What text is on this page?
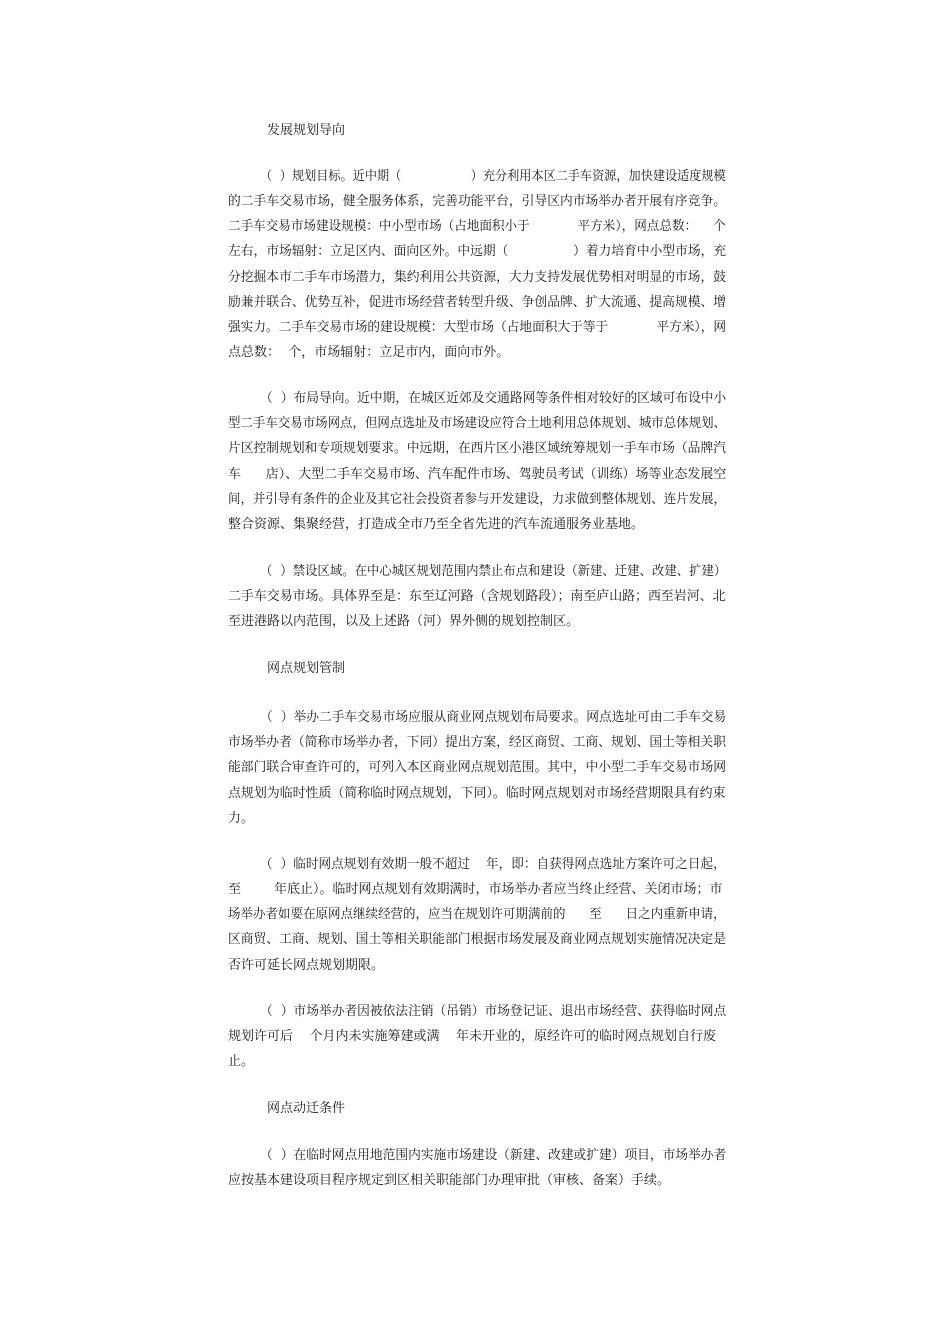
发展规划导向
（  ）规划目标。近中期（                  ）充分利用本区二手车资源，加快建设适度规模
的二手车交易市场，健全服务体系，完善功能平台，引导区内市场举办者开展有序竞争。
二手车交易市场建设规模：中小型市场（占地面积小于            平方米），网点总数：    个
左右，市场辐射：立足区内、面向区外。中远期（                ）着力培育中小型市场，充
分挖掘本市二手车市场潜力，集约利用公共资源，大力支持发展优势相对明显的市场，鼓
励兼并联合、优势互补，促进市场经营者转型升级、争创品牌、扩大流通、提高规模、增
强实力。二手车交易市场的建设规模：大型市场（占地面积大于等于            平方米），网
点总数：  个，市场辐射：立足市内，面向市外。
（  ）布局导向。近中期，在城区近郊及交通路网等条件相对较好的区域可布设中小
型二手车交易市场网点，但网点选址及市场建设应符合土地利用总体规划、城市总体规划、
片区控制规划和专项规划要求。中远期，在西片区小港区域统筹规划一手车市场（品牌汽
车      店）、大型二手车交易市场、汽车配件市场、驾驶员考试（训练）场等业态发展空
间，并引导有条件的企业及其它社会投资者参与开发建设，力求做到整体规划、连片发展，
整合资源、集聚经营，打造成全市乃至全省先进的汽车流通服务业基地。
（  ）禁设区域。在中心城区规划范围内禁止布点和建设（新建、迁建、改建、扩建）
二手车交易市场。具体界至是：东至辽河路（含规划路段）；南至庐山路；西至岩河、北
至进港路以内范围，以及上述路（河）界外侧的规划控制区。
网点规划管制
（  ）举办二手车交易市场应服从商业网点规划布局要求。网点选址可由二手车交易
市场举办者（简称市场举办者，下同）提出方案，经区商贸、工商、规划、国土等相关职
能部门联合审查许可的，可列入本区商业网点规划范围。其中，中小型二手车交易市场网
点规划为临时性质（简称临时网点规划，下同）。临时网点规划对市场经营期限具有约束
力。
（  ）临时网点规划有效期一般不超过    年，即：自获得网点选址方案许可之日起，
至        年底止）。临时网点规划有效期满时，市场举办者应当终止经营、关闭市场；市
场举办者如要在原网点继续经营的，应当在规划许可期满前的      至      日之内重新申请，
区商贸、工商、规划、国土等相关职能部门根据市场发展及商业网点规划实施情况决定是
否许可延长网点规划期限。
（  ）市场举办者因被依法注销（吊销）市场登记证、退出市场经营、获得临时网点
规划许可后    个月内未实施筹建或满    年未开业的，原经许可的临时网点规划自行废
止。
网点动迁条件
（  ）在临时网点用地范围内实施市场建设（新建、改建或扩建）项目，市场举办者
应按基本建设项目程序规定到区相关职能部门办理审批（审核、备案）手续。
